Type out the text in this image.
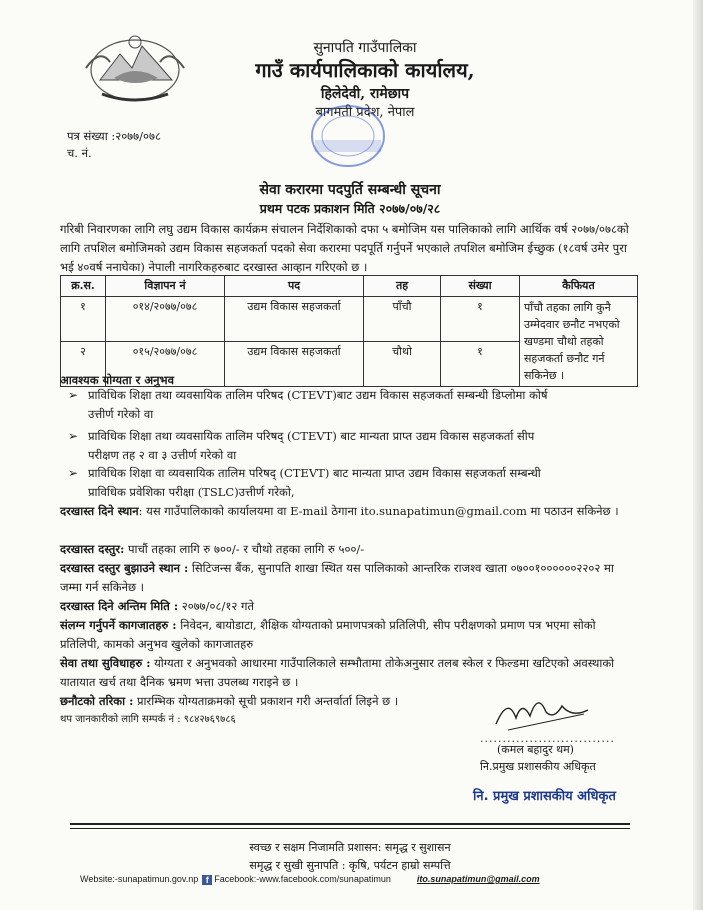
सुनापति गाउँपालिका
गाउँ कार्यपालिकाको कार्यालय,
हिलेदेवी, रामेछाप
बागमती प्रदेश, नेपाल
पत्र संख्या :२०७७/०७८
च. नं.
सेवा करारमा पदपुर्ति सम्बन्धी सूचना
प्रथम पटक प्रकाशन मिति २०७७/०७/२८
गरिबी निवारणका लागि लघु उद्यम विकास कार्यक्रम संचालन निर्देशिकाको दफा ५ बमोजिम यस पालिकाको लागि आर्थिक वर्ष २०७७/०७८को लागि तपशिल बमोजिमको उद्यम विकास सहजकर्ता पदको सेवा करारमा पदपूर्ति गर्नुपर्ने भएकाले तपशिल बमोजिम ईच्छुक (१८वर्ष उमेर पुरा भई ४०वर्ष ननाघेका) नेपाली नागरिकहरुबाट दरखास्त आव्हान गरिएको छ ।
क्र.स.	विज्ञापन नं	पद	तह	संख्या	कैफियत
१	०१४/२०७७/०७८	उद्यम विकास सहजकर्ता	पाँचौ	१	पाँचौ तहका लागि कुनै
उम्मेदवार छनौट नभएको
खण्डमा चौथो तहको
सहजकर्ता छनौट गर्न सकिनेछ ।

२	०१५/२०७७/०७८	उद्यम विकास सहजकर्ता	चौथो	१	
आवश्यक योग्यता र अनुभव
➢ प्राविधिक शिक्षा तथा व्यवसायिक तालिम परिषद (CTEVT)बाट उद्यम विकास सहजकर्ता सम्बन्धी डिप्लोमा कोर्ष
उत्तीर्ण गरेको वा
➢ प्राविधिक शिक्षा तथा व्यवसायिक तालिम परिषद् (CTEVT) बाट मान्यता प्राप्त उद्यम विकास सहजकर्ता सीप
परीक्षण तह २ वा ३ उत्तीर्ण गरेको वा
➢ प्राविधिक शिक्षा वा व्यवसायिक तालिम परिषद् (CTEVT) बाट मान्यता प्राप्त उद्यम विकास सहजकर्ता सम्बन्धी
प्राविधिक प्रवेशिका परीक्षा (TSLC)उत्तीर्ण गरेको,
दरखास्त दिने स्थान: यस गाउँपालिकाको कार्यालयमा वा E-mail ठेगाना ito.sunapatimun@gmail.com मा पठाउन सकिनेछ ।
दरखास्त दस्तुर: पाचौं तहका लागि रु ७००/- र चौथो तहका लागि रु ५००/-
दरखास्त दस्तुर बुझाउने स्थान : सिटिजन्स बैंक, सुनापति शाखा स्थित यस पालिकाको आन्तरिक राजश्व खाता ०७००१००००००२२०२ मा जम्मा गर्न सकिनेछ ।
दरखास्त दिने अन्तिम मिति : २०७७/०८/१२ गते
संलग्न गर्नुपर्ने कागजातहरु : निवेदन, बायोडाटा, शैक्षिक योग्यताको प्रमाणपत्रको प्रतिलिपी, सीप परीक्षणको प्रमाण पत्र भएमा सोको प्रतिलिपी, कामको अनुभव खुलेको कागजातहरु
सेवा तथा सुविधाहरु : योग्यता र अनुभवको आधारमा गाउँपालिकाले सम्भौतामा तोकेअनुसार तलब स्केल र फिल्डमा खटिएको अवस्थाको यातायात खर्च तथा दैनिक भ्रमण भत्ता उपलब्ध गराइने छ ।
छनौटको तरिका : प्रारम्भिक योग्यताक्रमको सूची प्रकाशन गरी अन्तर्वार्ता लिइने छ ।
थप जानकारीको लागि सम्पर्क नं : ९८४२७६९७८६
..............................
(कमल बहादुर थम)
नि.प्रमुख प्रशासकीय अधिकृत
नि. प्रमुख प्रशासकीय अधिकृत
स्वच्छ र सक्षम निजामति प्रशासन: समृद्ध र सुशासन
समृद्ध र सुखी सुनापति : कृषि, पर्यटन हाम्रो सम्पत्ति
Website:-sunapatimun.gov.np f Facebook:-www.facebook.com/sunapatimun	ito.sunapatimun@gmail.com
